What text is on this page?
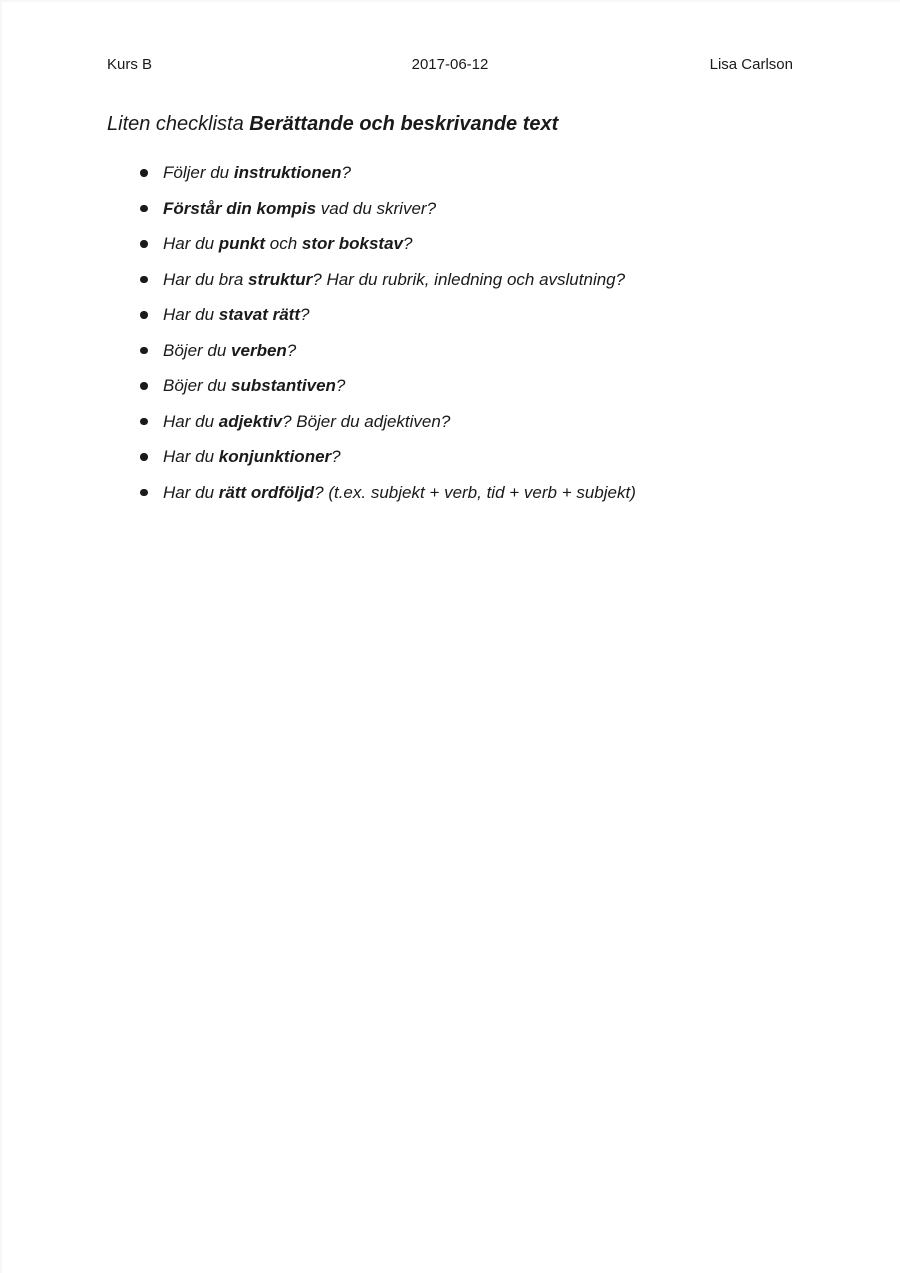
2017-06-12
Kurs B	Lisa Carlson
Liten checklista Berättande och beskrivande text
Följer du instruktionen?
Förstår din kompis vad du skriver?
Har du punkt och stor bokstav?
Har du bra struktur? Har du rubrik, inledning och avslutning?
Har du stavat rätt?
Böjer du verben?
Böjer du substantiven?
Har du adjektiv? Böjer du adjektiven?
Har du konjunktioner?
Har du rätt ordföljd? (t.ex. subjekt + verb, tid + verb + subjekt)
